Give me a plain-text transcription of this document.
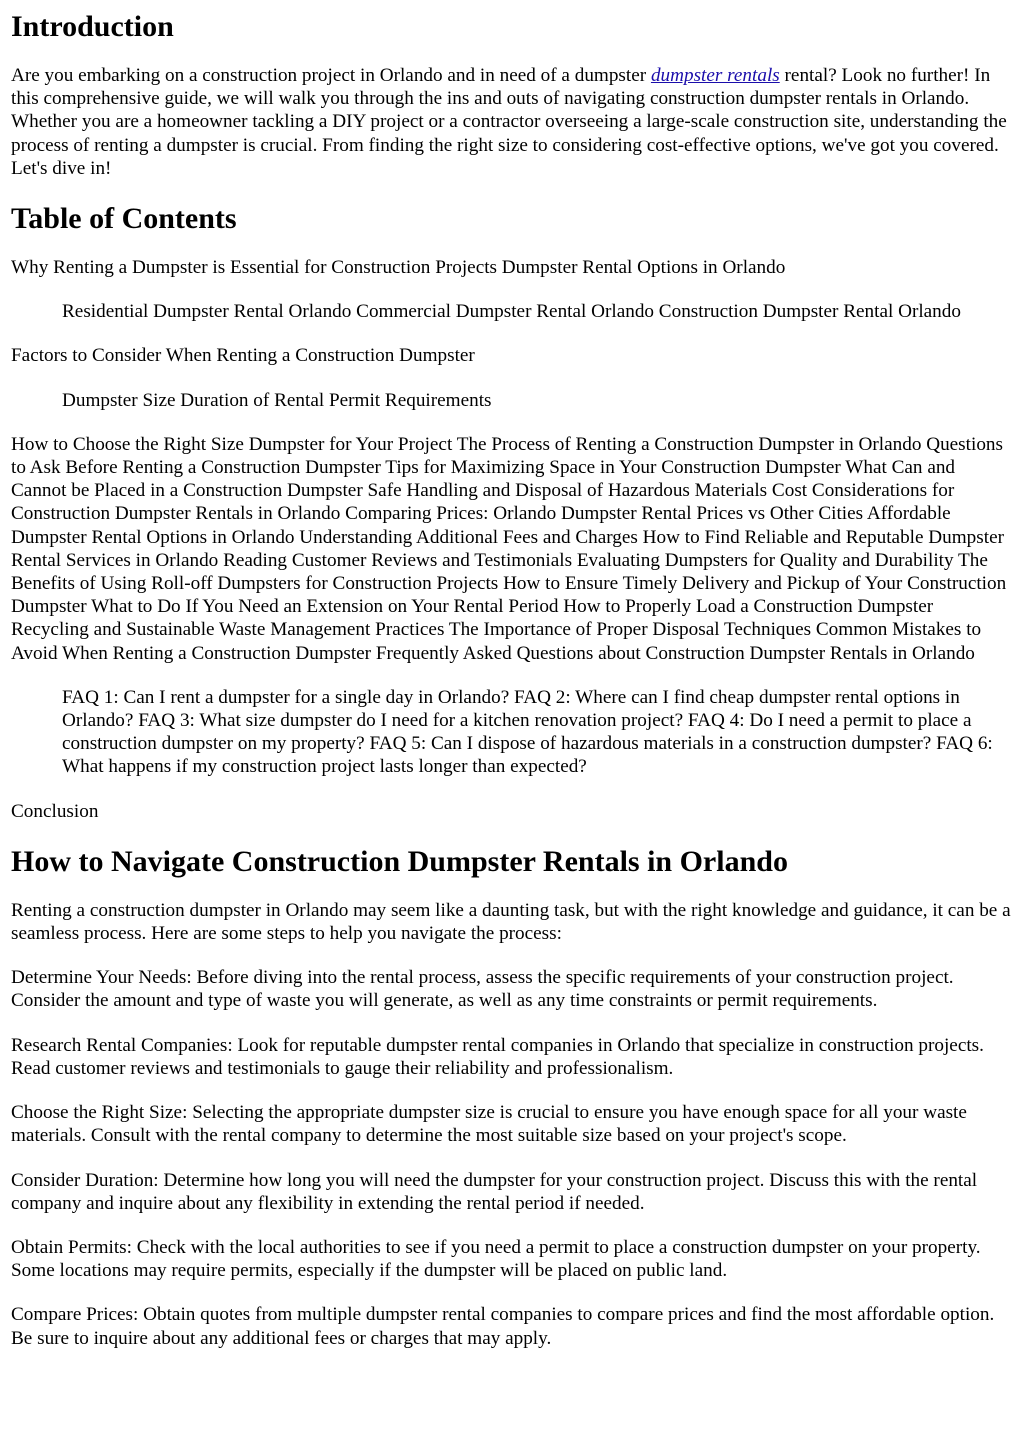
Introduction

Are you embarking on a construction project in Orlando and in need of a dumpster dumpster rentals rental? Look no further! In this comprehensive guide, we will walk you through the ins and outs of navigating construction dumpster rentals in Orlando. Whether you are a homeowner tackling a DIY project or a contractor overseeing a large-scale construction site, understanding the process of renting a dumpster is crucial. From finding the right size to considering cost-effective options, we've got you covered. Let's dive in!

Table of Contents

Why Renting a Dumpster is Essential for Construction Projects Dumpster Rental Options in Orlando

Residential Dumpster Rental Orlando Commercial Dumpster Rental Orlando Construction Dumpster Rental Orlando

Factors to Consider When Renting a Construction Dumpster

Dumpster Size Duration of Rental Permit Requirements

How to Choose the Right Size Dumpster for Your Project The Process of Renting a Construction Dumpster in Orlando Questions to Ask Before Renting a Construction Dumpster Tips for Maximizing Space in Your Construction Dumpster What Can and Cannot be Placed in a Construction Dumpster Safe Handling and Disposal of Hazardous Materials Cost Considerations for Construction Dumpster Rentals in Orlando Comparing Prices: Orlando Dumpster Rental Prices vs Other Cities Affordable Dumpster Rental Options in Orlando Understanding Additional Fees and Charges How to Find Reliable and Reputable Dumpster Rental Services in Orlando Reading Customer Reviews and Testimonials Evaluating Dumpsters for Quality and Durability The Benefits of Using Roll-off Dumpsters for Construction Projects How to Ensure Timely Delivery and Pickup of Your Construction Dumpster What to Do If You Need an Extension on Your Rental Period How to Properly Load a Construction Dumpster Recycling and Sustainable Waste Management Practices The Importance of Proper Disposal Techniques Common Mistakes to Avoid When Renting a Construction Dumpster Frequently Asked Questions about Construction Dumpster Rentals in Orlando

FAQ 1: Can I rent a dumpster for a single day in Orlando? FAQ 2: Where can I find cheap dumpster rental options in Orlando? FAQ 3: What size dumpster do I need for a kitchen renovation project? FAQ 4: Do I need a permit to place a construction dumpster on my property? FAQ 5: Can I dispose of hazardous materials in a construction dumpster? FAQ 6: What happens if my construction project lasts longer than expected?

Conclusion

How to Navigate Construction Dumpster Rentals in Orlando

Renting a construction dumpster in Orlando may seem like a daunting task, but with the right knowledge and guidance, it can be a seamless process. Here are some steps to help you navigate the process:

Determine Your Needs: Before diving into the rental process, assess the specific requirements of your construction project. Consider the amount and type of waste you will generate, as well as any time constraints or permit requirements.

Research Rental Companies: Look for reputable dumpster rental companies in Orlando that specialize in construction projects. Read customer reviews and testimonials to gauge their reliability and professionalism.

Choose the Right Size: Selecting the appropriate dumpster size is crucial to ensure you have enough space for all your waste materials. Consult with the rental company to determine the most suitable size based on your project's scope.

Consider Duration: Determine how long you will need the dumpster for your construction project. Discuss this with the rental company and inquire about any flexibility in extending the rental period if needed.

Obtain Permits: Check with the local authorities to see if you need a permit to place a construction dumpster on your property. Some locations may require permits, especially if the dumpster will be placed on public land.

Compare Prices: Obtain quotes from multiple dumpster rental companies to compare prices and find the most affordable option. Be sure to inquire about any additional fees or charges that may apply.
